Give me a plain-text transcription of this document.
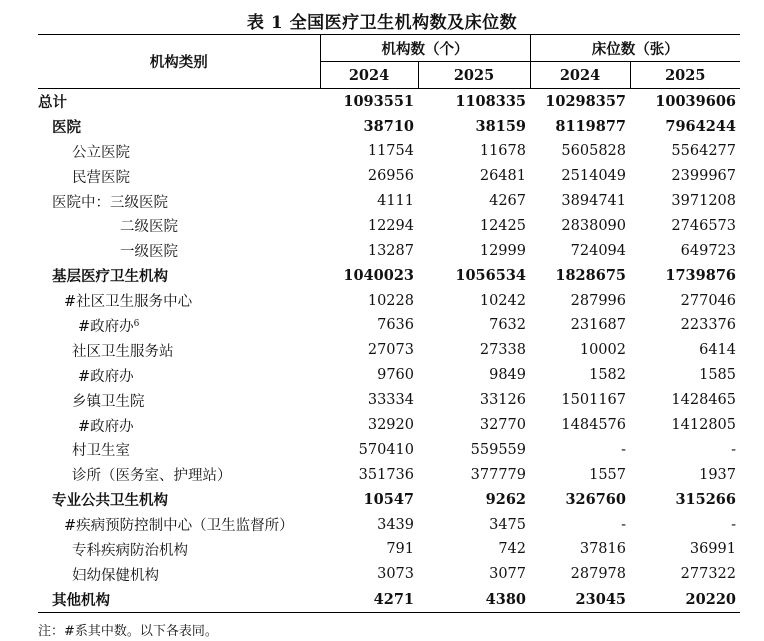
表 1 全国医疗卫生机构数及床位数
机构类别	机构数（个）		床位数（张）	
	2024	2025	2024	2025
总计	1093551	1108335	10298357	10039606
医院	38710	38159	8119877	7964244
公立医院	11754	11678	5605828	5564277
民营医院	26956	26481	2514049	2399967
医院中：三级医院	4111	4267	3894741	3971208
二级医院	12294	12425	2838090	2746573
一级医院	13287	12999	724094	649723
基层医疗卫生机构	1040023	1056534	1828675	1739876
#社区卫生服务中心	10228	10242	287996	277046
#政府办$^6$	7636	7632	231687	223376
社区卫生服务站	27073	27338	10002	6414
#政府办	9760	9849	1582	1585
乡镇卫生院	33334	33126	1501167	1428465
#政府办	32920	32770	1484576	1412805
村卫生室	570410	559559	-	-
诊所（医务室、护理站）	351736	377779	1557	1937
专业公共卫生机构	10547	9262	326760	315266
#疾病预防控制中心（卫生监督所）	3439	3475	-	-
专科疾病防治机构	791	742	37816	36991
妇幼保健机构	3073	3077	287978	277322
其他机构	4271	4380	23045	20220
注：#系其中数。以下各表同。
